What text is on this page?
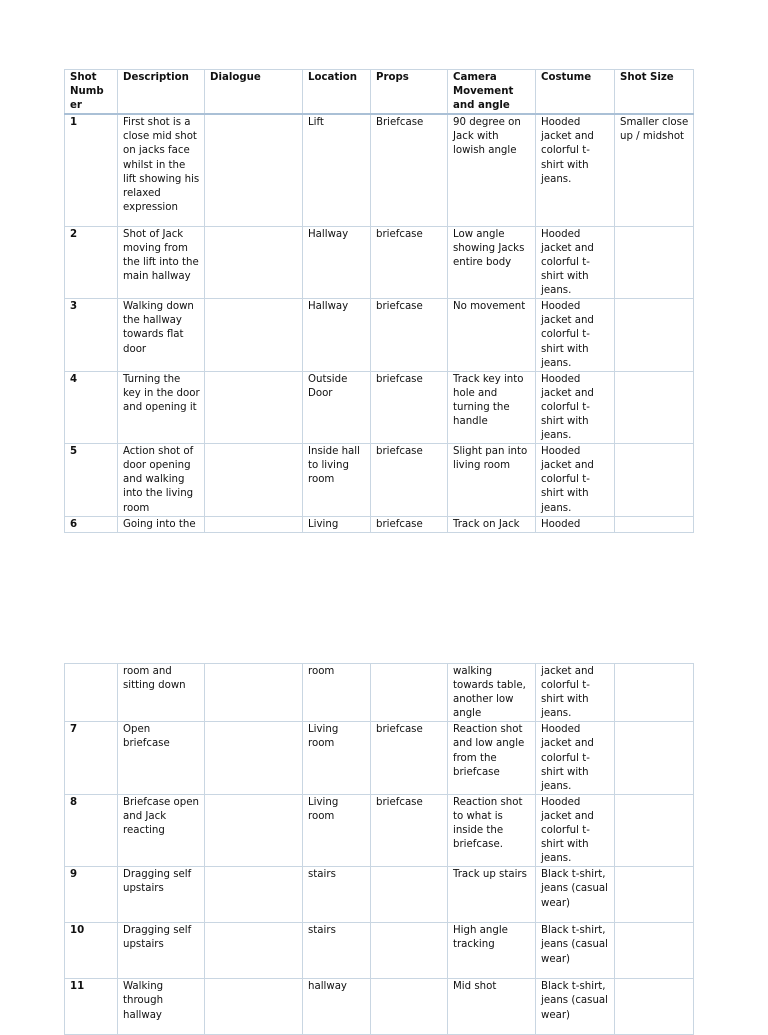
Shot Numb er	Description	Dialogue	Location	Props	Camera Movement and angle	Costume	Shot Size
1	First shot is a close mid shot on jacks face whilst in the lift showing his relaxed expression		Lift	Briefcase	90 degree on Jack with lowish angle	Hooded jacket and colorful t-shirt with jeans.	Smaller close up / midshot
2	Shot of Jack moving from the lift into the main hallway		Hallway	briefcase	Low angle showing Jacks entire body	Hooded jacket and colorful t-shirt with jeans.	
3	Walking down the hallway towards flat door		Hallway	briefcase	No movement	Hooded jacket and colorful t-shirt with jeans.	
4	Turning the key in the door and opening it		Outside Door	briefcase	Track key into hole and turning the handle	Hooded jacket and colorful t-shirt with jeans.	
5	Action shot of door opening and walking into the living room		Inside hall to living room	briefcase	Slight pan into living room	Hooded jacket and colorful t-shirt with jeans.	
6	Going into the		Living	briefcase	Track on Jack	Hooded	
	room and sitting down		room		walking towards table, another low angle	jacket and colorful t-shirt with jeans.	
7	Open briefcase		Living room	briefcase	Reaction shot and low angle from the briefcase	Hooded jacket and colorful t-shirt with jeans.	
8	Briefcase open and Jack reacting		Living room	briefcase	Reaction shot to what is inside the briefcase.	Hooded jacket and colorful t-shirt with jeans.	
9	Dragging self upstairs		stairs		Track up stairs	Black t-shirt, jeans (casual wear)	
10	Dragging self upstairs		stairs		High angle tracking	Black t-shirt, jeans (casual wear)	
11	Walking through hallway		hallway		Mid shot	Black t-shirt, jeans (casual wear)	
